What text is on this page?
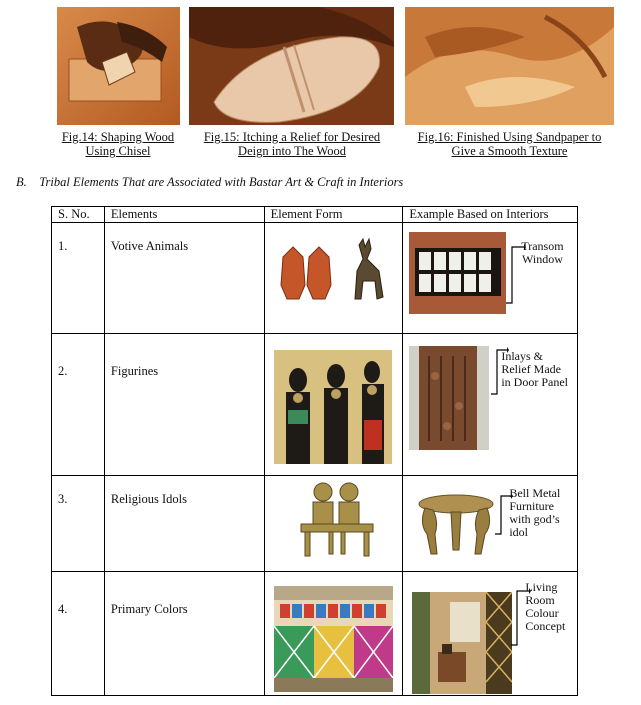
Fig.14: Shaping Wood
Using Chisel
Fig.15: Itching a Relief for Desired
Deign into The Wood
Fig.16: Finished Using Sandpaper to
Give a Smooth Texture
B. Tribal Elements That are Associated with Bastar Art & Craft in Interiors
S. No.	Elements	Element Form	Example Based on Interiors
1.	Votive Animals		Transom
Window

2.	Figurines		Inlays &
Relief Made
in Door Panel

3.	Religious Idols		Bell Metal
Furniture
with god’s
idol

4.	Primary Colors		Living
Room
Colour
Concept
